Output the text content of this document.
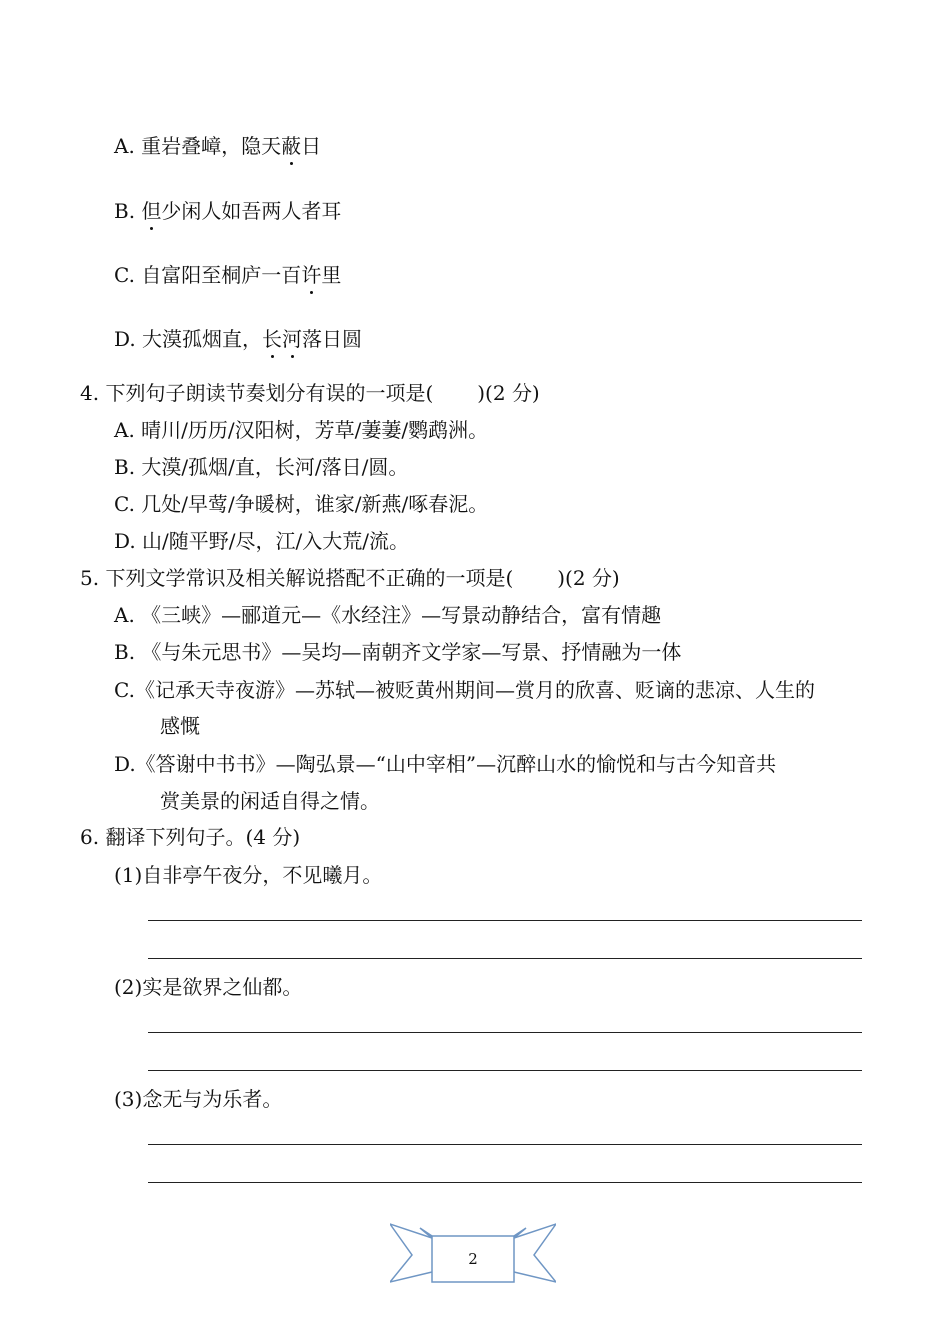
A. 重岩叠嶂，隐天蔽日
B. 但少闲人如吾两人者耳
C. 自富阳至桐庐一百许里
D. 大漠孤烟直，长河落日圆
4. 下列句子朗读节奏划分有误的一项是( )(2 分)
A. 晴川/历历/汉阳树，芳草/萋萋/鹦鹉洲。
B. 大漠/孤烟/直，长河/落日/圆。
C. 几处/早莺/争暖树，谁家/新燕/啄春泥。
D. 山/随平野/尽，江/入大荒/流。
5. 下列文学常识及相关解说搭配不正确的一项是( )(2 分)
A. 《三峡》—郦道元—《水经注》—写景动静结合，富有情趣
B. 《与朱元思书》—吴均—南朝齐文学家—写景、抒情融为一体
C.《记承天寺夜游》—苏轼—被贬黄州期间—赏月的欣喜、贬谪的悲凉、人生的
感慨
D.《答谢中书书》—陶弘景—“山中宰相”—沉醉山水的愉悦和与古今知音共
赏美景的闲适自得之情。
6. 翻译下列句子。(4 分)
(1)自非亭午夜分，不见曦月。
(2)实是欲界之仙都。
(3)念无与为乐者。
2
